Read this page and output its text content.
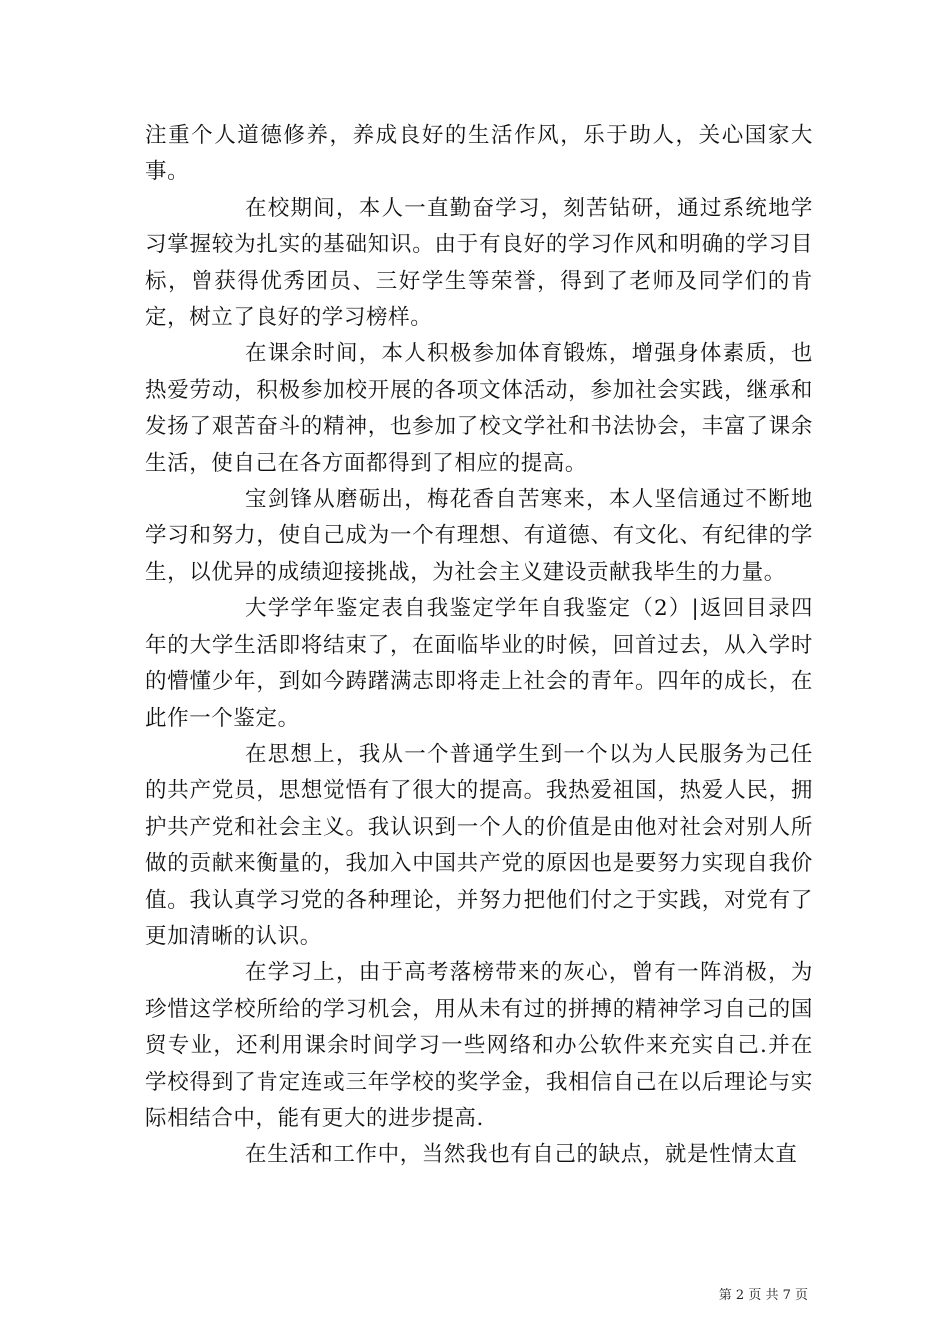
注重个人道德修养，养成良好的生活作风，乐于助人，关心国家大事。

在校期间，本人一直勤奋学习，刻苦钻研，通过系统地学习掌握较为扎实的基础知识。由于有良好的学习作风和明确的学习目标，曾获得优秀团员、三好学生等荣誉，得到了老师及同学们的肯定，树立了良好的学习榜样。

在课余时间，本人积极参加体育锻炼，增强身体素质，也热爱劳动，积极参加校开展的各项文体活动，参加社会实践，继承和发扬了艰苦奋斗的精神，也参加了校文学社和书法协会，丰富了课余生活，使自己在各方面都得到了相应的提高。

宝剑锋从磨砺出，梅花香自苦寒来，本人坚信通过不断地学习和努力，使自己成为一个有理想、有道德、有文化、有纪律的学生，以优异的成绩迎接挑战，为社会主义建设贡献我毕生的力量。

大学学年鉴定表自我鉴定学年自我鉴定（2）|返回目录四年的大学生活即将结束了，在面临毕业的时候，回首过去，从入学时的懵懂少年，到如今踌躇满志即将走上社会的青年。四年的成长，在此作一个鉴定。

在思想上，我从一个普通学生到一个以为人民服务为己任的共产党员，思想觉悟有了很大的提高。我热爱祖国，热爱人民，拥护共产党和社会主义。我认识到一个人的价值是由他对社会对别人所做的贡献来衡量的，我加入中国共产党的原因也是要努力实现自我价值。我认真学习党的各种理论，并努力把他们付之于实践，对党有了更加清晰的认识。

在学习上，由于高考落榜带来的灰心，曾有一阵消极，为珍惜这学校所给的学习机会，用从未有过的拼搏的精神学习自己的国贸专业，还利用课余时间学习一些网络和办公软件来充实自己.并在学校得到了肯定连或三年学校的奖学金，我相信自己在以后理论与实际相结合中，能有更大的进步提高.

在生活和工作中，当然我也有自己的缺点，就是性情太直

第 2 页 共 7 页
